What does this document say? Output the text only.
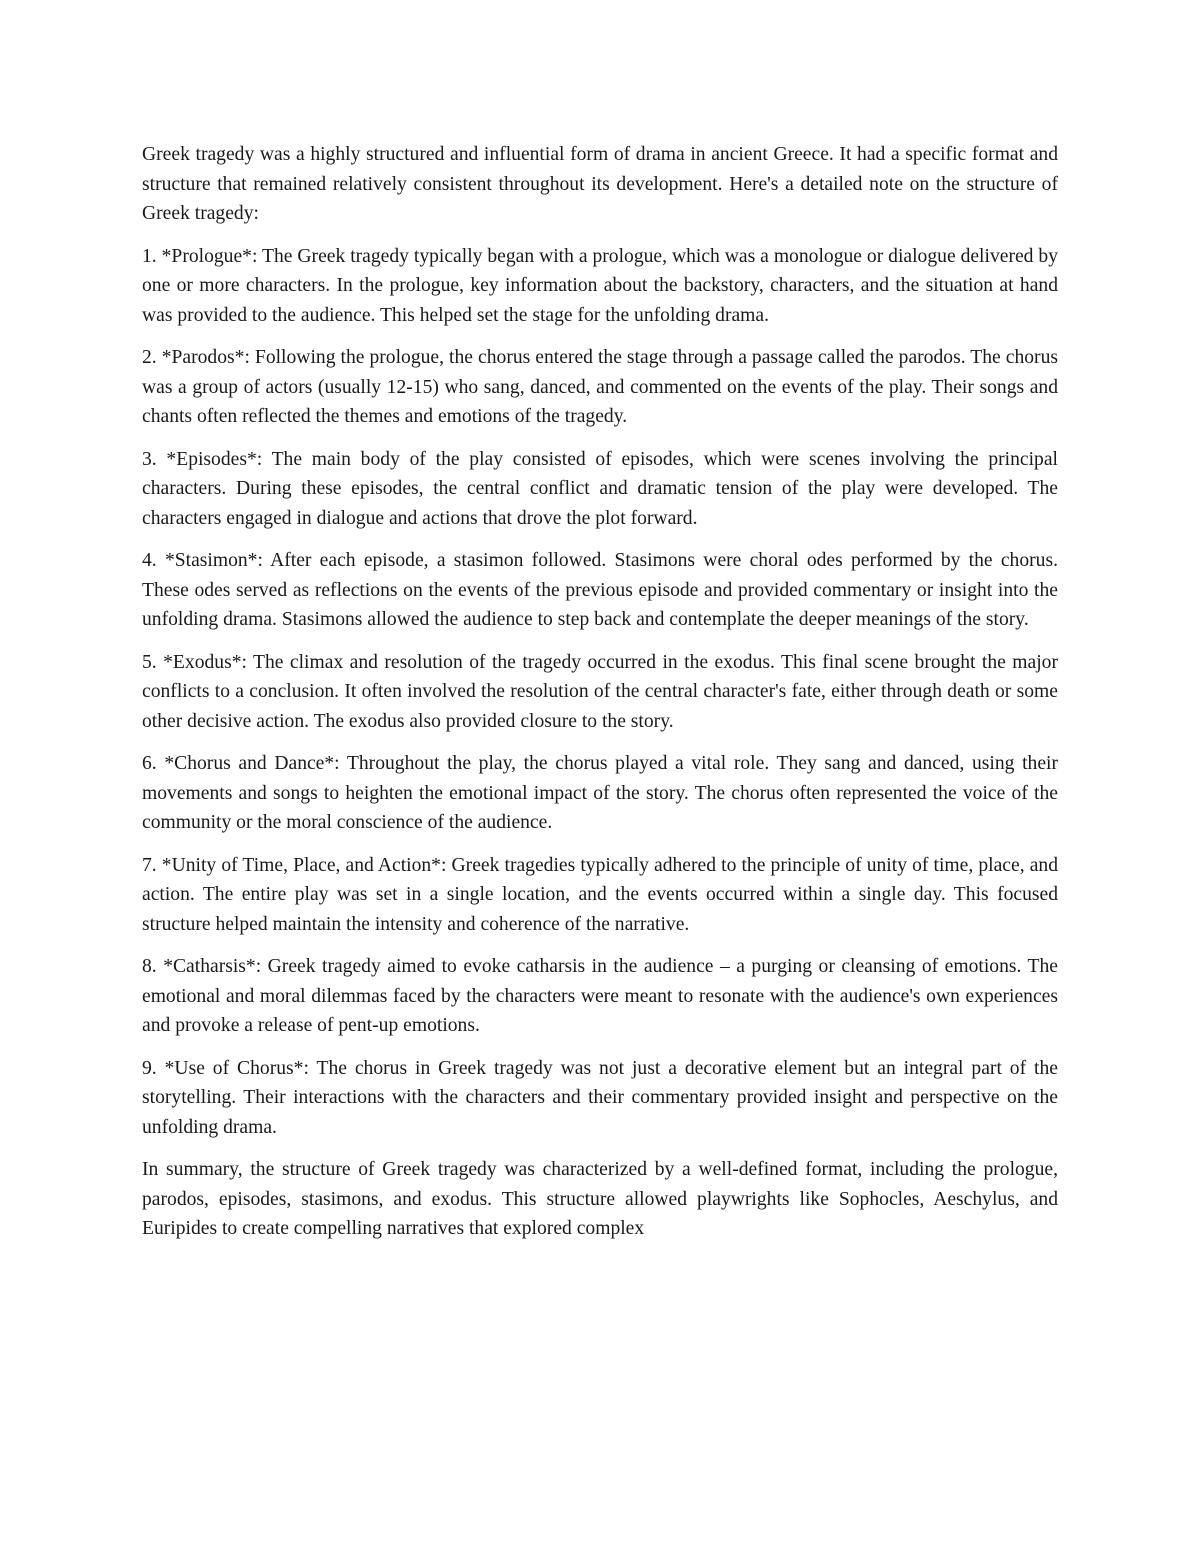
Greek tragedy was a highly structured and influential form of drama in ancient Greece. It had a specific format and structure that remained relatively consistent throughout its development. Here's a detailed note on the structure of Greek tragedy:

1. *Prologue*: The Greek tragedy typically began with a prologue, which was a monologue or dialogue delivered by one or more characters. In the prologue, key information about the backstory, characters, and the situation at hand was provided to the audience. This helped set the stage for the unfolding drama.

2. *Parodos*: Following the prologue, the chorus entered the stage through a passage called the parodos. The chorus was a group of actors (usually 12-15) who sang, danced, and commented on the events of the play. Their songs and chants often reflected the themes and emotions of the tragedy.

3. *Episodes*: The main body of the play consisted of episodes, which were scenes involving the principal characters. During these episodes, the central conflict and dramatic tension of the play were developed. The characters engaged in dialogue and actions that drove the plot forward.

4. *Stasimon*: After each episode, a stasimon followed. Stasimons were choral odes performed by the chorus. These odes served as reflections on the events of the previous episode and provided commentary or insight into the unfolding drama. Stasimons allowed the audience to step back and contemplate the deeper meanings of the story.

5. *Exodus*: The climax and resolution of the tragedy occurred in the exodus. This final scene brought the major conflicts to a conclusion. It often involved the resolution of the central character's fate, either through death or some other decisive action. The exodus also provided closure to the story.

6. *Chorus and Dance*: Throughout the play, the chorus played a vital role. They sang and danced, using their movements and songs to heighten the emotional impact of the story. The chorus often represented the voice of the community or the moral conscience of the audience.

7. *Unity of Time, Place, and Action*: Greek tragedies typically adhered to the principle of unity of time, place, and action. The entire play was set in a single location, and the events occurred within a single day. This focused structure helped maintain the intensity and coherence of the narrative.

8. *Catharsis*: Greek tragedy aimed to evoke catharsis in the audience – a purging or cleansing of emotions. The emotional and moral dilemmas faced by the characters were meant to resonate with the audience's own experiences and provoke a release of pent-up emotions.

9. *Use of Chorus*: The chorus in Greek tragedy was not just a decorative element but an integral part of the storytelling. Their interactions with the characters and their commentary provided insight and perspective on the unfolding drama.

In summary, the structure of Greek tragedy was characterized by a well-defined format, including the prologue, parodos, episodes, stasimons, and exodus. This structure allowed playwrights like Sophocles, Aeschylus, and Euripides to create compelling narratives that explored complex
